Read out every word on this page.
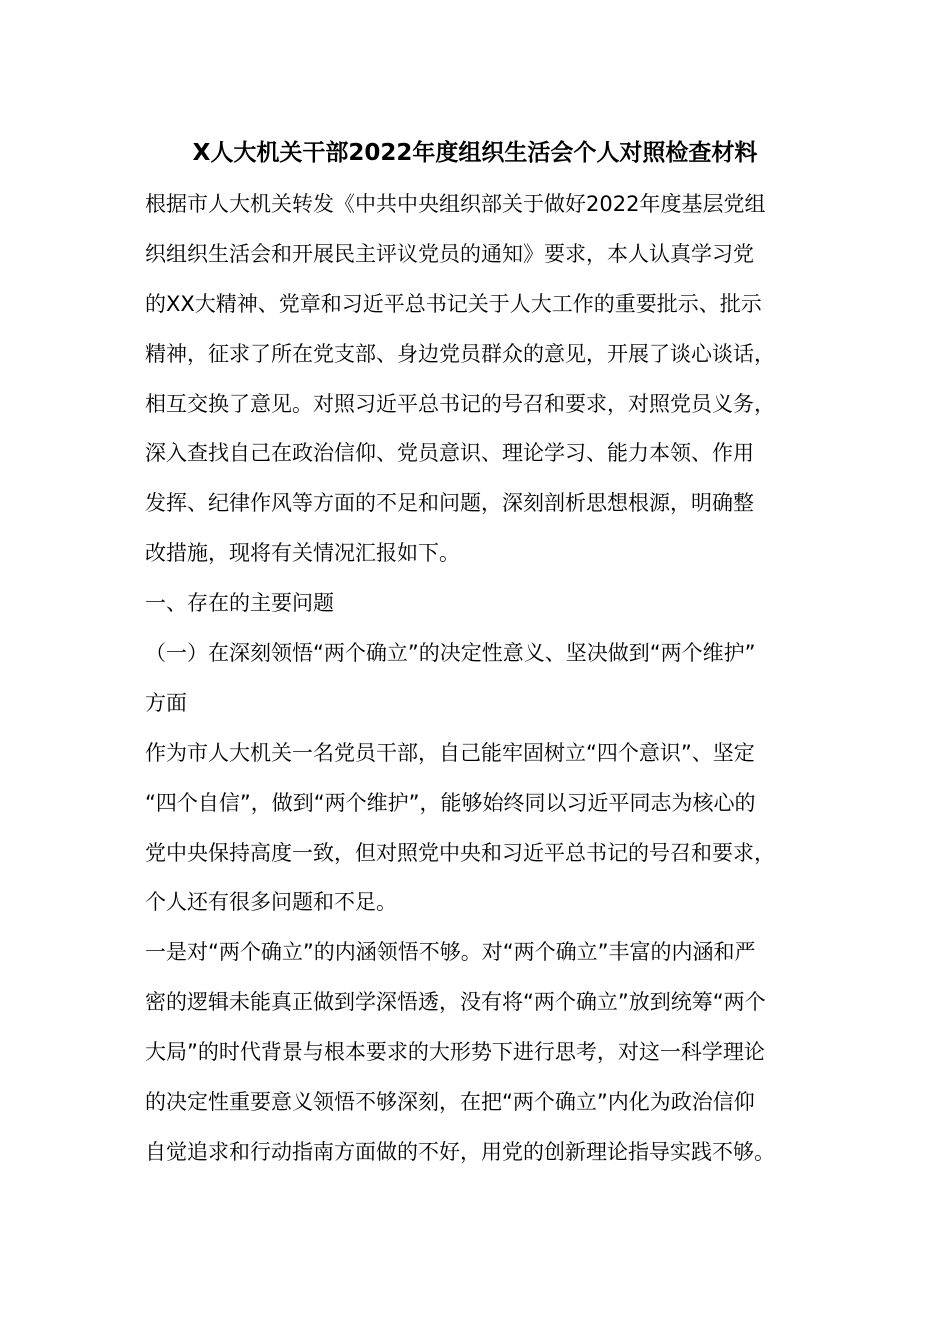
X人大机关干部2022年度组织生活会个人对照检查材料
根据市人大机关转发《中共中央组织部关于做好2022年度基层党组
织组织生活会和开展民主评议党员的通知》要求，本人认真学习党
的XX大精神、党章和习近平总书记关于人大工作的重要批示、批示
精神，征求了所在党支部、身边党员群众的意见，开展了谈心谈话，
相互交换了意见。对照习近平总书记的号召和要求，对照党员义务，
深入查找自己在政治信仰、党员意识、理论学习、能力本领、作用
发挥、纪律作风等方面的不足和问题，深刻剖析思想根源，明确整
改措施，现将有关情况汇报如下。
一、存在的主要问题
（一）在深刻领悟“两个确立”的决定性意义、坚决做到“两个维护”
方面
作为市人大机关一名党员干部，自己能牢固树立“四个意识”、坚定
“四个自信”，做到“两个维护”，能够始终同以习近平同志为核心的
党中央保持高度一致，但对照党中央和习近平总书记的号召和要求，
个人还有很多问题和不足。
一是对“两个确立”的内涵领悟不够。对“两个确立”丰富的内涵和严
密的逻辑未能真正做到学深悟透，没有将“两个确立”放到统筹“两个
大局”的时代背景与根本要求的大形势下进行思考，对这一科学理论
的决定性重要意义领悟不够深刻，在把“两个确立”内化为政治信仰
自觉追求和行动指南方面做的不好，用党的创新理论指导实践不够。
